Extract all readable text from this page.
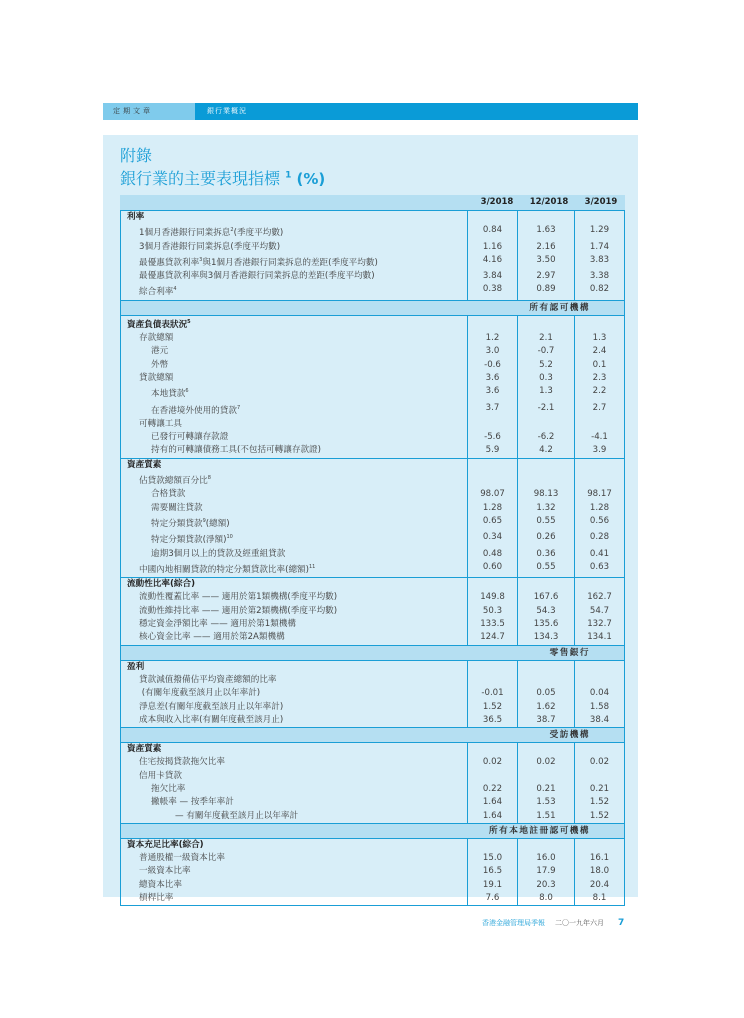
定期文章	銀行業概況
附錄
銀行業的主要表現指標 $^1$ (%)
3/2018	12/2018	3/2019
利率
1個月香港銀行同業拆息$^2$(季度平均數)	0.84	1.63	1.29
3個月香港銀行同業拆息(季度平均數)	1.16	2.16	1.74
最優惠貸款利率$^3$與1個月香港銀行同業拆息的差距(季度平均數)	4.16	3.50	3.83
最優惠貸款利率與3個月香港銀行同業拆息的差距(季度平均數)	3.84	2.97	3.38
綜合利率$^4$	0.38	0.89	0.82
所有認可機構
資產負債表狀況$^5$
存款總額	1.2	2.1	1.3
港元	3.0	-0.7	2.4
外幣	-0.6	5.2	0.1
貸款總額	3.6	0.3	2.3
本地貸款$^6$	3.6	1.3	2.2
在香港境外使用的貸款$^7$	3.7	-2.1	2.7
可轉讓工具
已發行可轉讓存款證	-5.6	-6.2	-4.1
持有的可轉讓債務工具(不包括可轉讓存款證)	5.9	4.2	3.9
資產質素
佔貸款總額百分比$^8$
合格貸款	98.07	98.13	98.17
需要關注貸款	1.28	1.32	1.28
特定分類貸款$^9$(總額)	0.65	0.55	0.56
特定分類貸款(淨額)$^{10}$	0.34	0.26	0.28
逾期3個月以上的貸款及經重組貸款	0.48	0.36	0.41
中國內地相關貸款的特定分類貸款比率(總額)$^{11}$	0.60	0.55	0.63
流動性比率(綜合)
流動性覆蓋比率 —— 適用於第1類機構(季度平均數)	149.8	167.6	162.7
流動性維持比率 —— 適用於第2類機構(季度平均數)	50.3	54.3	54.7
穩定資金淨額比率 —— 適用於第1類機構	133.5	135.6	132.7
核心資金比率 —— 適用於第2A類機構	124.7	134.3	134.1
零售銀行
盈利
貸款減值撥備佔平均資產總額的比率
(有關年度截至該月止以年率計)	-0.01	0.05	0.04
淨息差(有關年度截至該月止以年率計)	1.52	1.62	1.58
成本與收入比率(有關年度截至該月止)	36.5	38.7	38.4
受訪機構
資產質素
住宅按揭貸款拖欠比率	0.02	0.02	0.02
信用卡貸款
拖欠比率	0.22	0.21	0.21
撇帳率 — 按季年率計	1.64	1.53	1.52
— 有關年度截至該月止以年率計	1.64	1.51	1.52
所有本地註冊認可機構
資本充足比率(綜合)
普通股權一級資本比率	15.0	16.0	16.1
一級資本比率	16.5	17.9	18.0
總資本比率	19.1	20.3	20.4
槓桿比率	7.6	8.0	8.1
香港金融管理局季報 二〇一九年六月 7
